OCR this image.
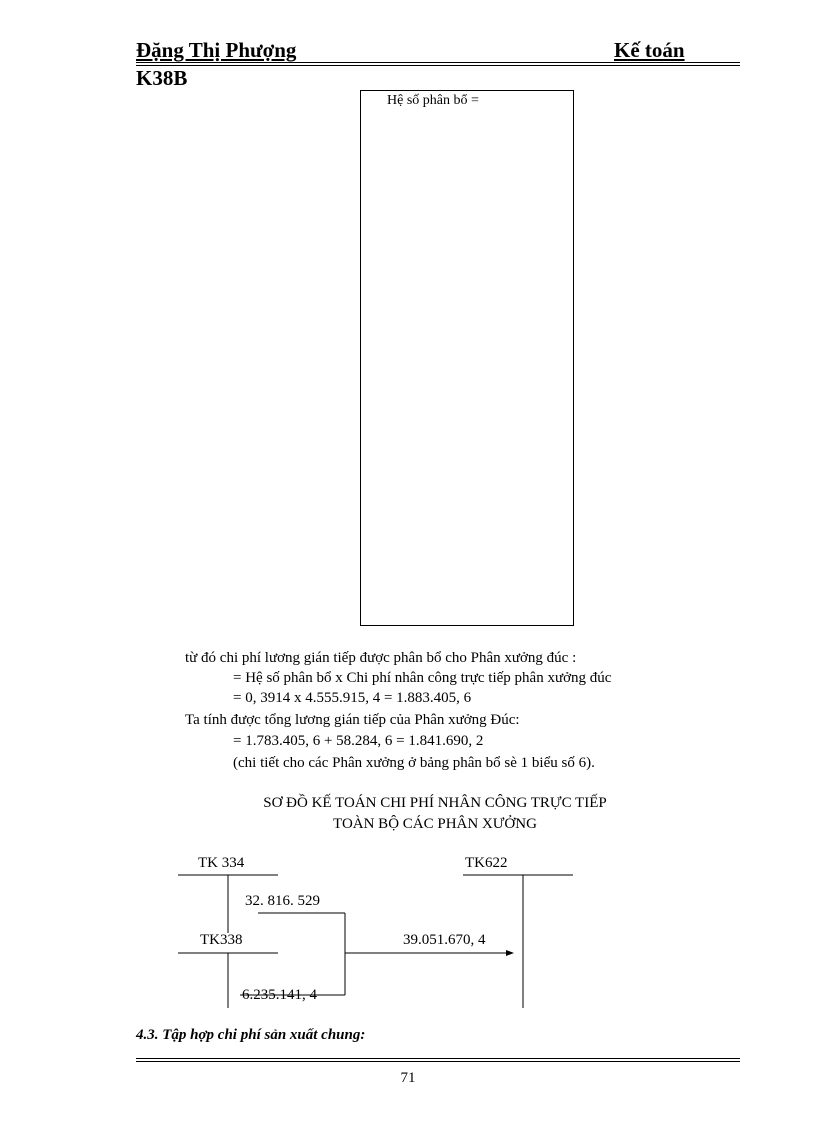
Đặng Thị Phượng	Kế toán
K38B
Hệ số phân bổ =
từ đó chi phí lương gián tiếp được phân bổ cho Phân xưởng đúc :
= Hệ số phân bổ x Chi phí nhân công trực tiếp phân xưởng đúc
= 0, 3914 x 4.555.915, 4 = 1.883.405, 6
Ta tính được tổng lương gián tiếp của Phân xưởng Đúc:
= 1.783.405, 6 + 58.284, 6 = 1.841.690, 2
(chi tiết cho các Phân xưởng ở bảng phân bổ sè 1 biểu số 6).
SƠ ĐỒ KẾ TOÁN CHI PHÍ NHÂN CÔNG TRỰC TIẾP
TOÀN BỘ CÁC PHÂN XƯỞNG
TK 334	TK622
32. 816. 529
TK338	39.051.670, 4
6.235.141, 4
4.3. Tập hợp chi phí sản xuất chung:
71
